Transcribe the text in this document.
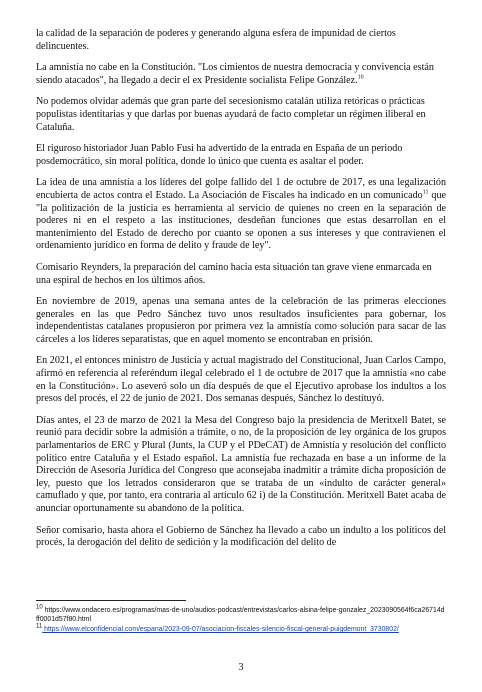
la calidad de la separación de poderes y generando alguna esfera de impunidad de ciertos delincuentes.

La amnistía no cabe en la Constitución. "Los cimientos de nuestra democracia y convivencia están siendo atacados", ha llegado a decir el ex Presidente socialista Felipe González.$^{10}$

No podemos olvidar además que gran parte del secesionismo catalán utiliza retóricas o prácticas populistas identitarias y que darlas por buenas ayudará de facto completar un régimen iliberal en Cataluña.

El riguroso historiador Juan Pablo Fusi ha advertido de la entrada en España de un periodo posdemocrático, sin moral política, donde lo único que cuenta es asaltar el poder.

La idea de una amnistía a los líderes del golpe fallido del 1 de octubre de 2017, es una legalización encubierta de actos contra el Estado. La Asociación de Fiscales ha indicado en un comunicado$^{11}$ que "la politización de la justicia es herramienta al servicio de quienes no creen en la separación de poderes ni en el respeto a las instituciones, desdeñan funciones que estas desarrollan en el mantenimiento del Estado de derecho por cuanto se oponen a sus intereses y que contravienen el ordenamiento jurídico en forma de delito y fraude de ley".

Comisario Reynders, la preparación del camino hacia esta situación tan grave viene enmarcada en una espiral de hechos en los últimos años.

En noviembre de 2019, apenas una semana antes de la celebración de las primeras elecciones generales en las que Pedro Sánchez tuvo unos resultados insuficientes para gobernar, los independentistas catalanes propusieron por primera vez la amnistía como solución para sacar de las cárceles a los líderes separatistas, que en aquel momento se encontraban en prisión.

En 2021, el entonces ministro de Justicia y actual magistrado del Constitucional, Juan Carlos Campo, afirmó en referencia al referéndum ilegal celebrado el 1 de octubre de 2017 que la amnistía «no cabe en la Constitución». Lo aseveró solo un día después de que el Ejecutivo aprobase los indultos a los presos del procés, el 22 de junio de 2021. Dos semanas después, Sánchez lo destituyó.

Días antes, el 23 de marzo de 2021 la Mesa del Congreso bajo la presidencia de Meritxell Batet, se reunió para decidir sobre la admisión a trámite, o no, de la proposición de ley orgánica de los grupos parlamentarios de ERC y Plural (Junts, la CUP y el PDeCAT) de Amnistía y resolución del conflicto político entre Cataluña y el Estado español. La amnistía fue rechazada en base a un informe de la Dirección de Asesoría Jurídica del Congreso que aconsejaba inadmitir a trámite dicha proposición de ley, puesto que los letrados consideraron que se trataba de un «indulto de carácter general» camuflado y que, por tanto, era contraria al artículo 62 i) de la Constitución. Meritxell Batet acaba de anunciar oportunamente su abandono de la política.

Señor comisario, hasta ahora el Gobierno de Sánchez ha llevado a cabo un indulto a los políticos del procés, la derogación del delito de sedición y la modificación del delito de

$^{10}$ https://www.ondacero.es/programas/mas-de-uno/audios-podcast/entrevistas/carlos-alsina-felipe-gonzalez_2023090564f6ca26714dff0001d57f80.html
$^{11}$ https://www.elconfidencial.com/espana/2023-09-07/asociacion-fiscales-silencio-fiscal-general-puigdemont_3730802/
3
